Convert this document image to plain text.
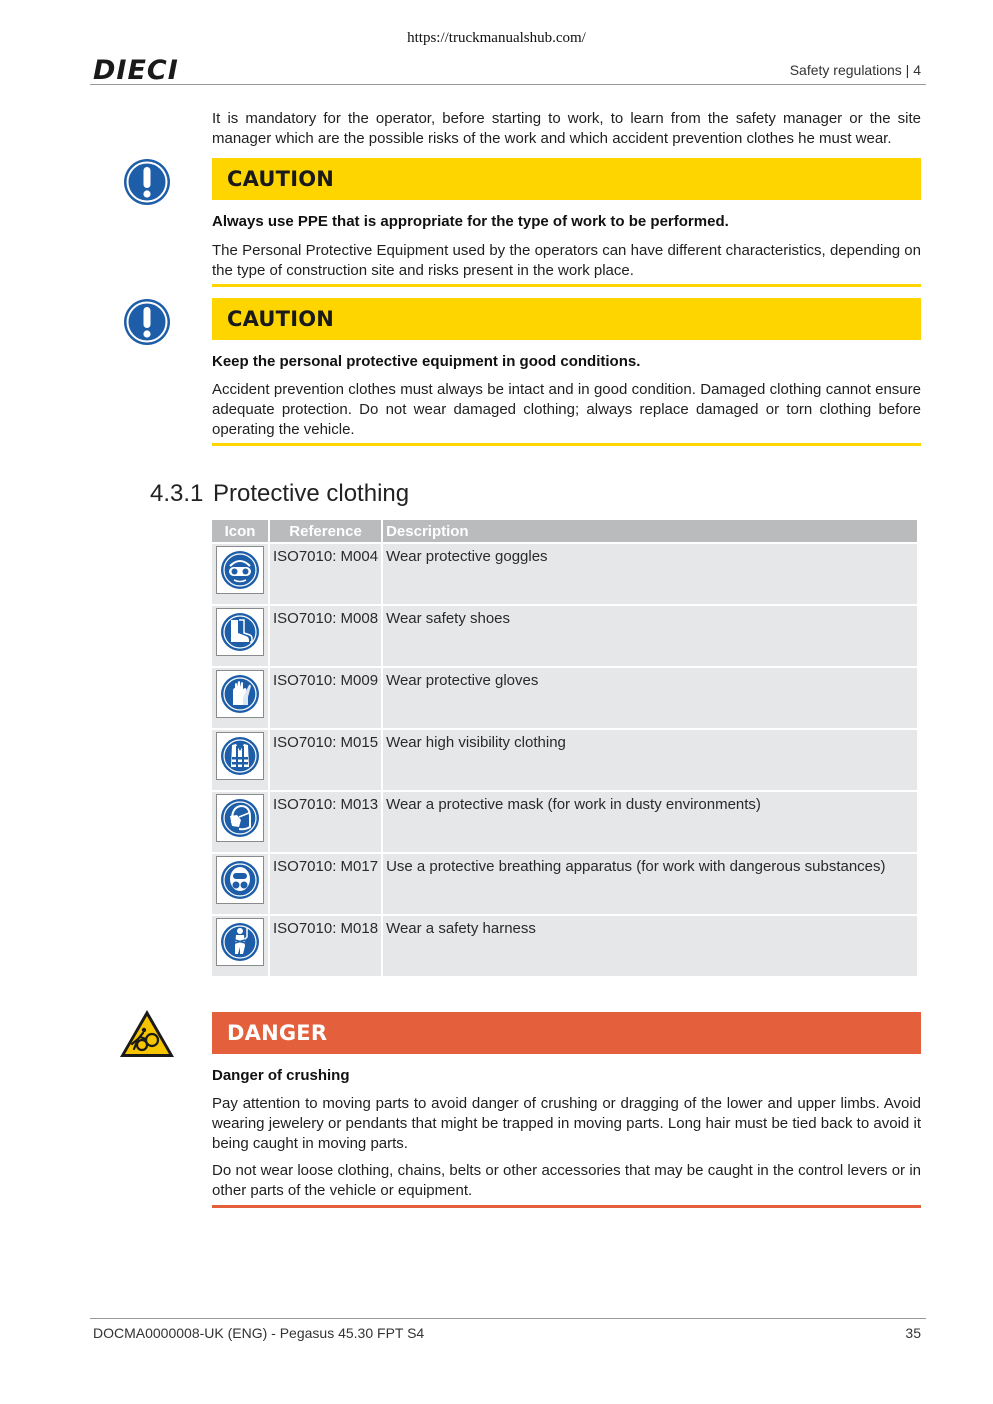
https://truckmanualshub.com/
DIECI	Safety regulations | 4
It is mandatory for the operator, before starting to work, to learn from the safety manager or the site manager which are the possible risks of the work and which accident prevention clothes he must wear.
CAUTION
Always use PPE that is appropriate for the type of work to be performed.
The Personal Protective Equipment used by the operators can have different characteristics, depending on the type of construction site and risks present in the work place.
CAUTION
Keep the personal protective equipment in good conditions.
Accident prevention clothes must always be intact and in good condition. Damaged clothing cannot ensure adequate protection. Do not wear damaged clothing; always replace damaged or torn clothing before operating the vehicle.
4.3.1 Protective clothing
Icon	Reference	Description
	ISO7010: M004	Wear protective goggles
	ISO7010: M008	Wear safety shoes
	ISO7010: M009	Wear protective gloves
	ISO7010: M015	Wear high visibility clothing
	ISO7010: M013	Wear a protective mask (for work in dusty environments)
	ISO7010: M017	Use a protective breathing apparatus (for work with dangerous substances)
	ISO7010: M018	Wear a safety harness
DANGER
Danger of crushing
Pay attention to moving parts to avoid danger of crushing or dragging of the lower and upper limbs. Avoid wearing jewelery or pendants that might be trapped in moving parts. Long hair must be tied back to avoid it being caught in moving parts.
Do not wear loose clothing, chains, belts or other accessories that may be caught in the control levers or in other parts of the vehicle or equipment.
DOCMA0000008-UK (ENG) - Pegasus 45.30 FPT S4	35
